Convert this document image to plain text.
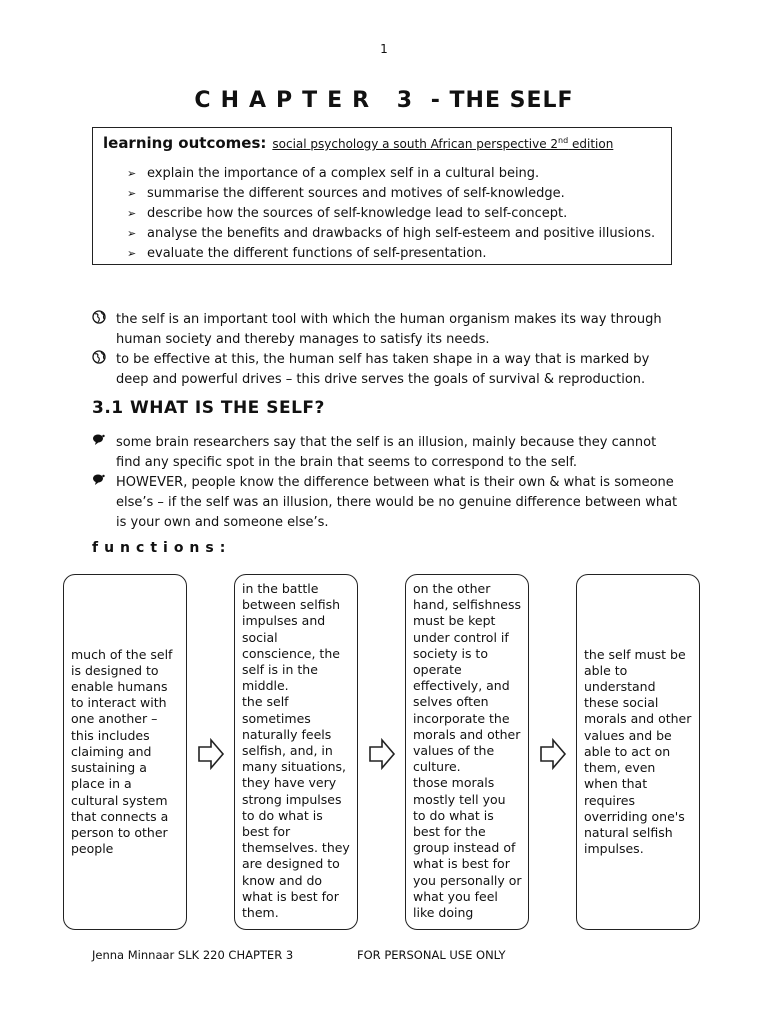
1
CHAPTER 3 - THE SELF
learning outcomes: social psychology a south African perspective 2nd edition
➢ explain the importance of a complex self in a cultural being.
➢ summarise the different sources and motives of self-knowledge.
➢ describe how the sources of self-knowledge lead to self-concept.
➢ analyse the benefits and drawbacks of high self-esteem and positive illusions.
➢ evaluate the different functions of self-presentation.
the self is an important tool with which the human organism makes its way through human society and thereby manages to satisfy its needs.
to be effective at this, the human self has taken shape in a way that is marked by deep and powerful drives – this drive serves the goals of survival & reproduction.
3.1 WHAT IS THE SELF?
some brain researchers say that the self is an illusion, mainly because they cannot find any specific spot in the brain that seems to correspond to the self.
HOWEVER, people know the difference between what is their own & what is someone else’s – if the self was an illusion, there would be no genuine difference between what is your own and someone else’s.
functions:
much of the self is designed to enable humans to interact with one another – this includes claiming and sustaining a place in a cultural system that connects a person to other people
in the battle between selfish impulses and social conscience, the self is in the middle.
the self sometimes naturally feels selfish, and, in many situations, they have very strong impulses to do what is best for themselves. they are designed to know and do what is best for them.
on the other hand, selfishness must be kept under control if society is to operate effectively, and selves often incorporate the morals and other values of the culture.
those morals mostly tell you to do what is best for the group instead of what is best for you personally or what you feel like doing
the self must be able to understand these social morals and other values and be able to act on them, even when that requires overriding one's natural selfish impulses.
Jenna Minnaar SLK 220 CHAPTER 3	FOR PERSONAL USE ONLY
